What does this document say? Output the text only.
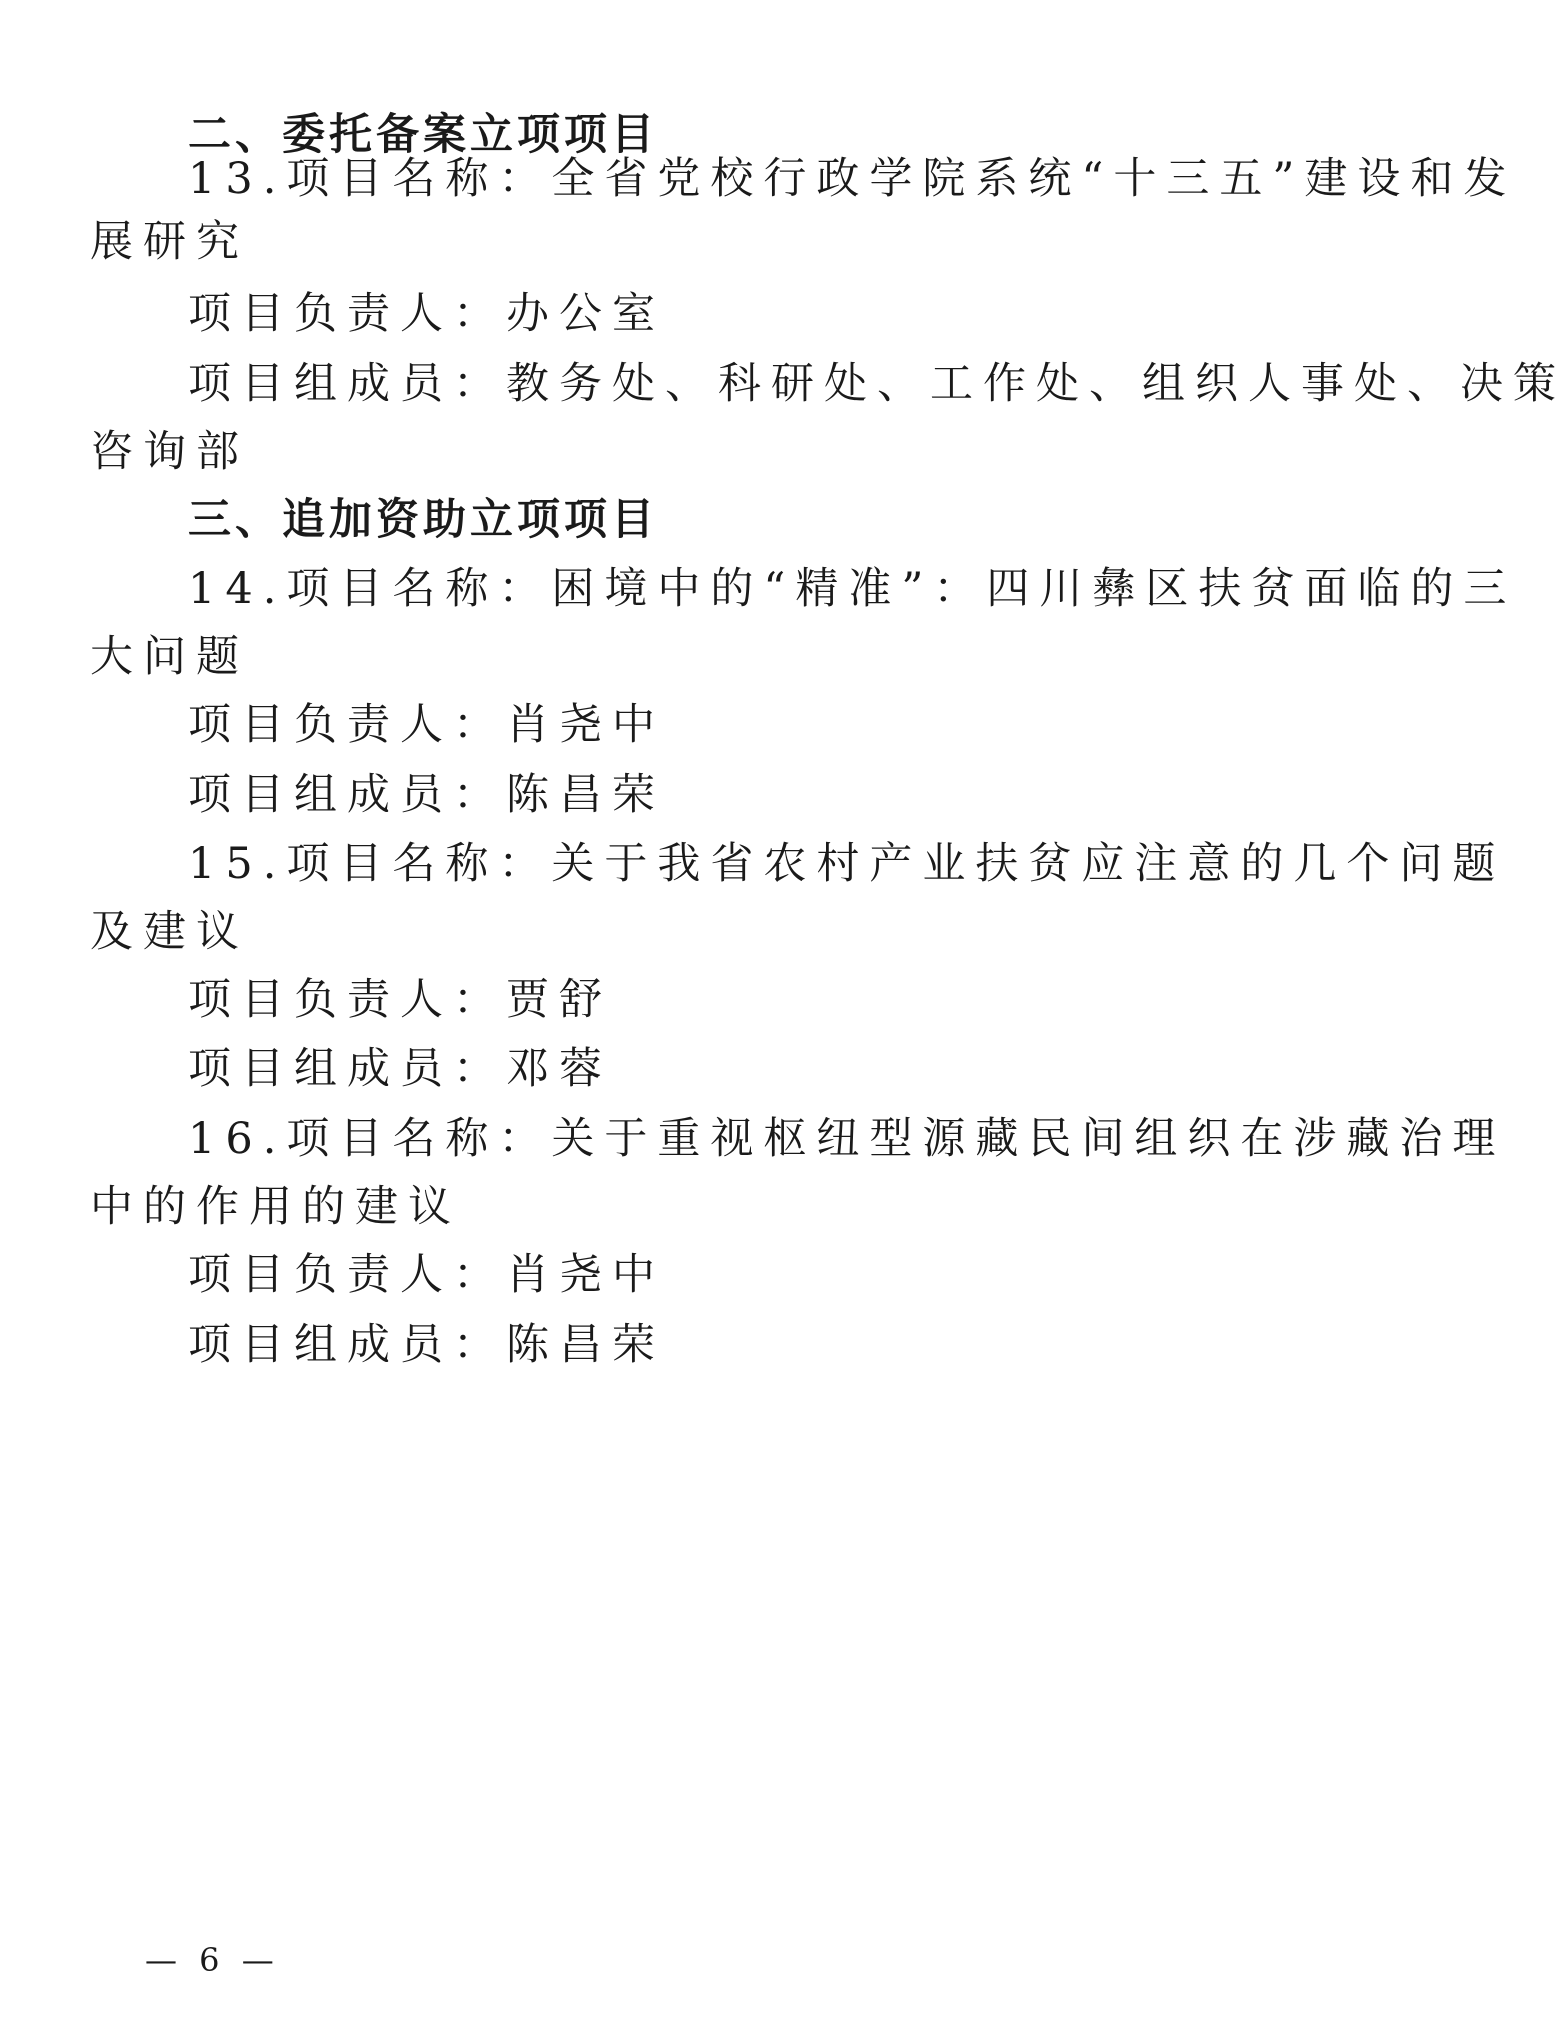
二、委托备案立项项目
13.项目名称：全省党校行政学院系统“十三五”建设和发
展研究
项目负责人：办公室
项目组成员：教务处、科研处、工作处、组织人事处、决策
咨询部
三、追加资助立项项目
14.项目名称：困境中的“精准”：四川彝区扶贫面临的三
大问题
项目负责人：肖尧中
项目组成员：陈昌荣
15.项目名称：关于我省农村产业扶贫应注意的几个问题
及建议
项目负责人：贾舒
项目组成员：邓蓉
16.项目名称：关于重视枢纽型源藏民间组织在涉藏治理
中的作用的建议
项目负责人：肖尧中
项目组成员：陈昌荣
— 6 —
